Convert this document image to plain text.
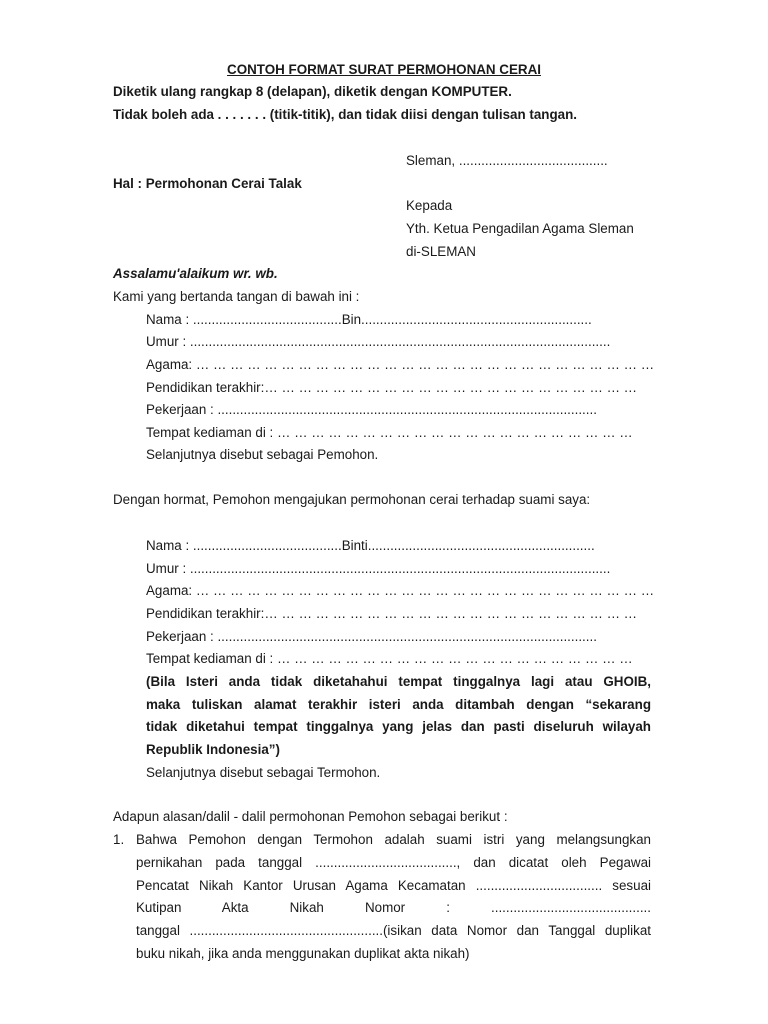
CONTOH FORMAT SURAT PERMOHONAN CERAI
Diketik ulang rangkap 8 (delapan), diketik dengan KOMPUTER.
Tidak boleh ada . . . . . . . (titik-titik), dan tidak diisi dengan tulisan tangan.
Sleman, ........................................
Hal : Permohonan Cerai Talak
Kepada
Yth. Ketua Pengadilan Agama Sleman
di-SLEMAN
Assalamu'alaikum wr. wb.
Kami yang bertanda tangan di bawah ini :
Nama : ........................................Bin..............................................................
Umur : .................................................................................................................
Agama: … … … … … … … … … … … … … … … … … … … … … … … … … … …
Pendidikan terakhir:… … … … … … … … … … … … … … … … … … … … … …
Pekerjaan : ......................................................................................................
Tempat kediaman di : … … … … … … … … … … … … … … … … … … … … …
Selanjutnya disebut sebagai Pemohon.
Dengan hormat, Pemohon mengajukan permohonan cerai terhadap suami saya:
Nama : ........................................Binti.............................................................
Umur : .................................................................................................................
Agama: … … … … … … … … … … … … … … … … … … … … … … … … … … …
Pendidikan terakhir:… … … … … … … … … … … … … … … … … … … … … …
Pekerjaan : ......................................................................................................
Tempat kediaman di : … … … … … … … … … … … … … … … … … … … … …
(Bila Isteri anda tidak diketahahui tempat tinggalnya lagi atau GHOIB,
maka tuliskan alamat terakhir isteri anda ditambah dengan “sekarang
tidak diketahui tempat tinggalnya yang jelas dan pasti diseluruh wilayah
Republik Indonesia”)
Selanjutnya disebut sebagai Termohon.
Adapun alasan/dalil - dalil permohonan Pemohon sebagai berikut :
1. Bahwa Pemohon dengan Termohon adalah suami istri yang melangsungkan
pernikahan pada tanggal ......................................, dan dicatat oleh Pegawai
Pencatat Nikah Kantor Urusan Agama Kecamatan .................................. sesuai
Kutipan Akta Nikah Nomor : ...........................................
tanggal ....................................................(isikan data Nomor dan Tanggal duplikat
buku nikah, jika anda menggunakan duplikat akta nikah)
